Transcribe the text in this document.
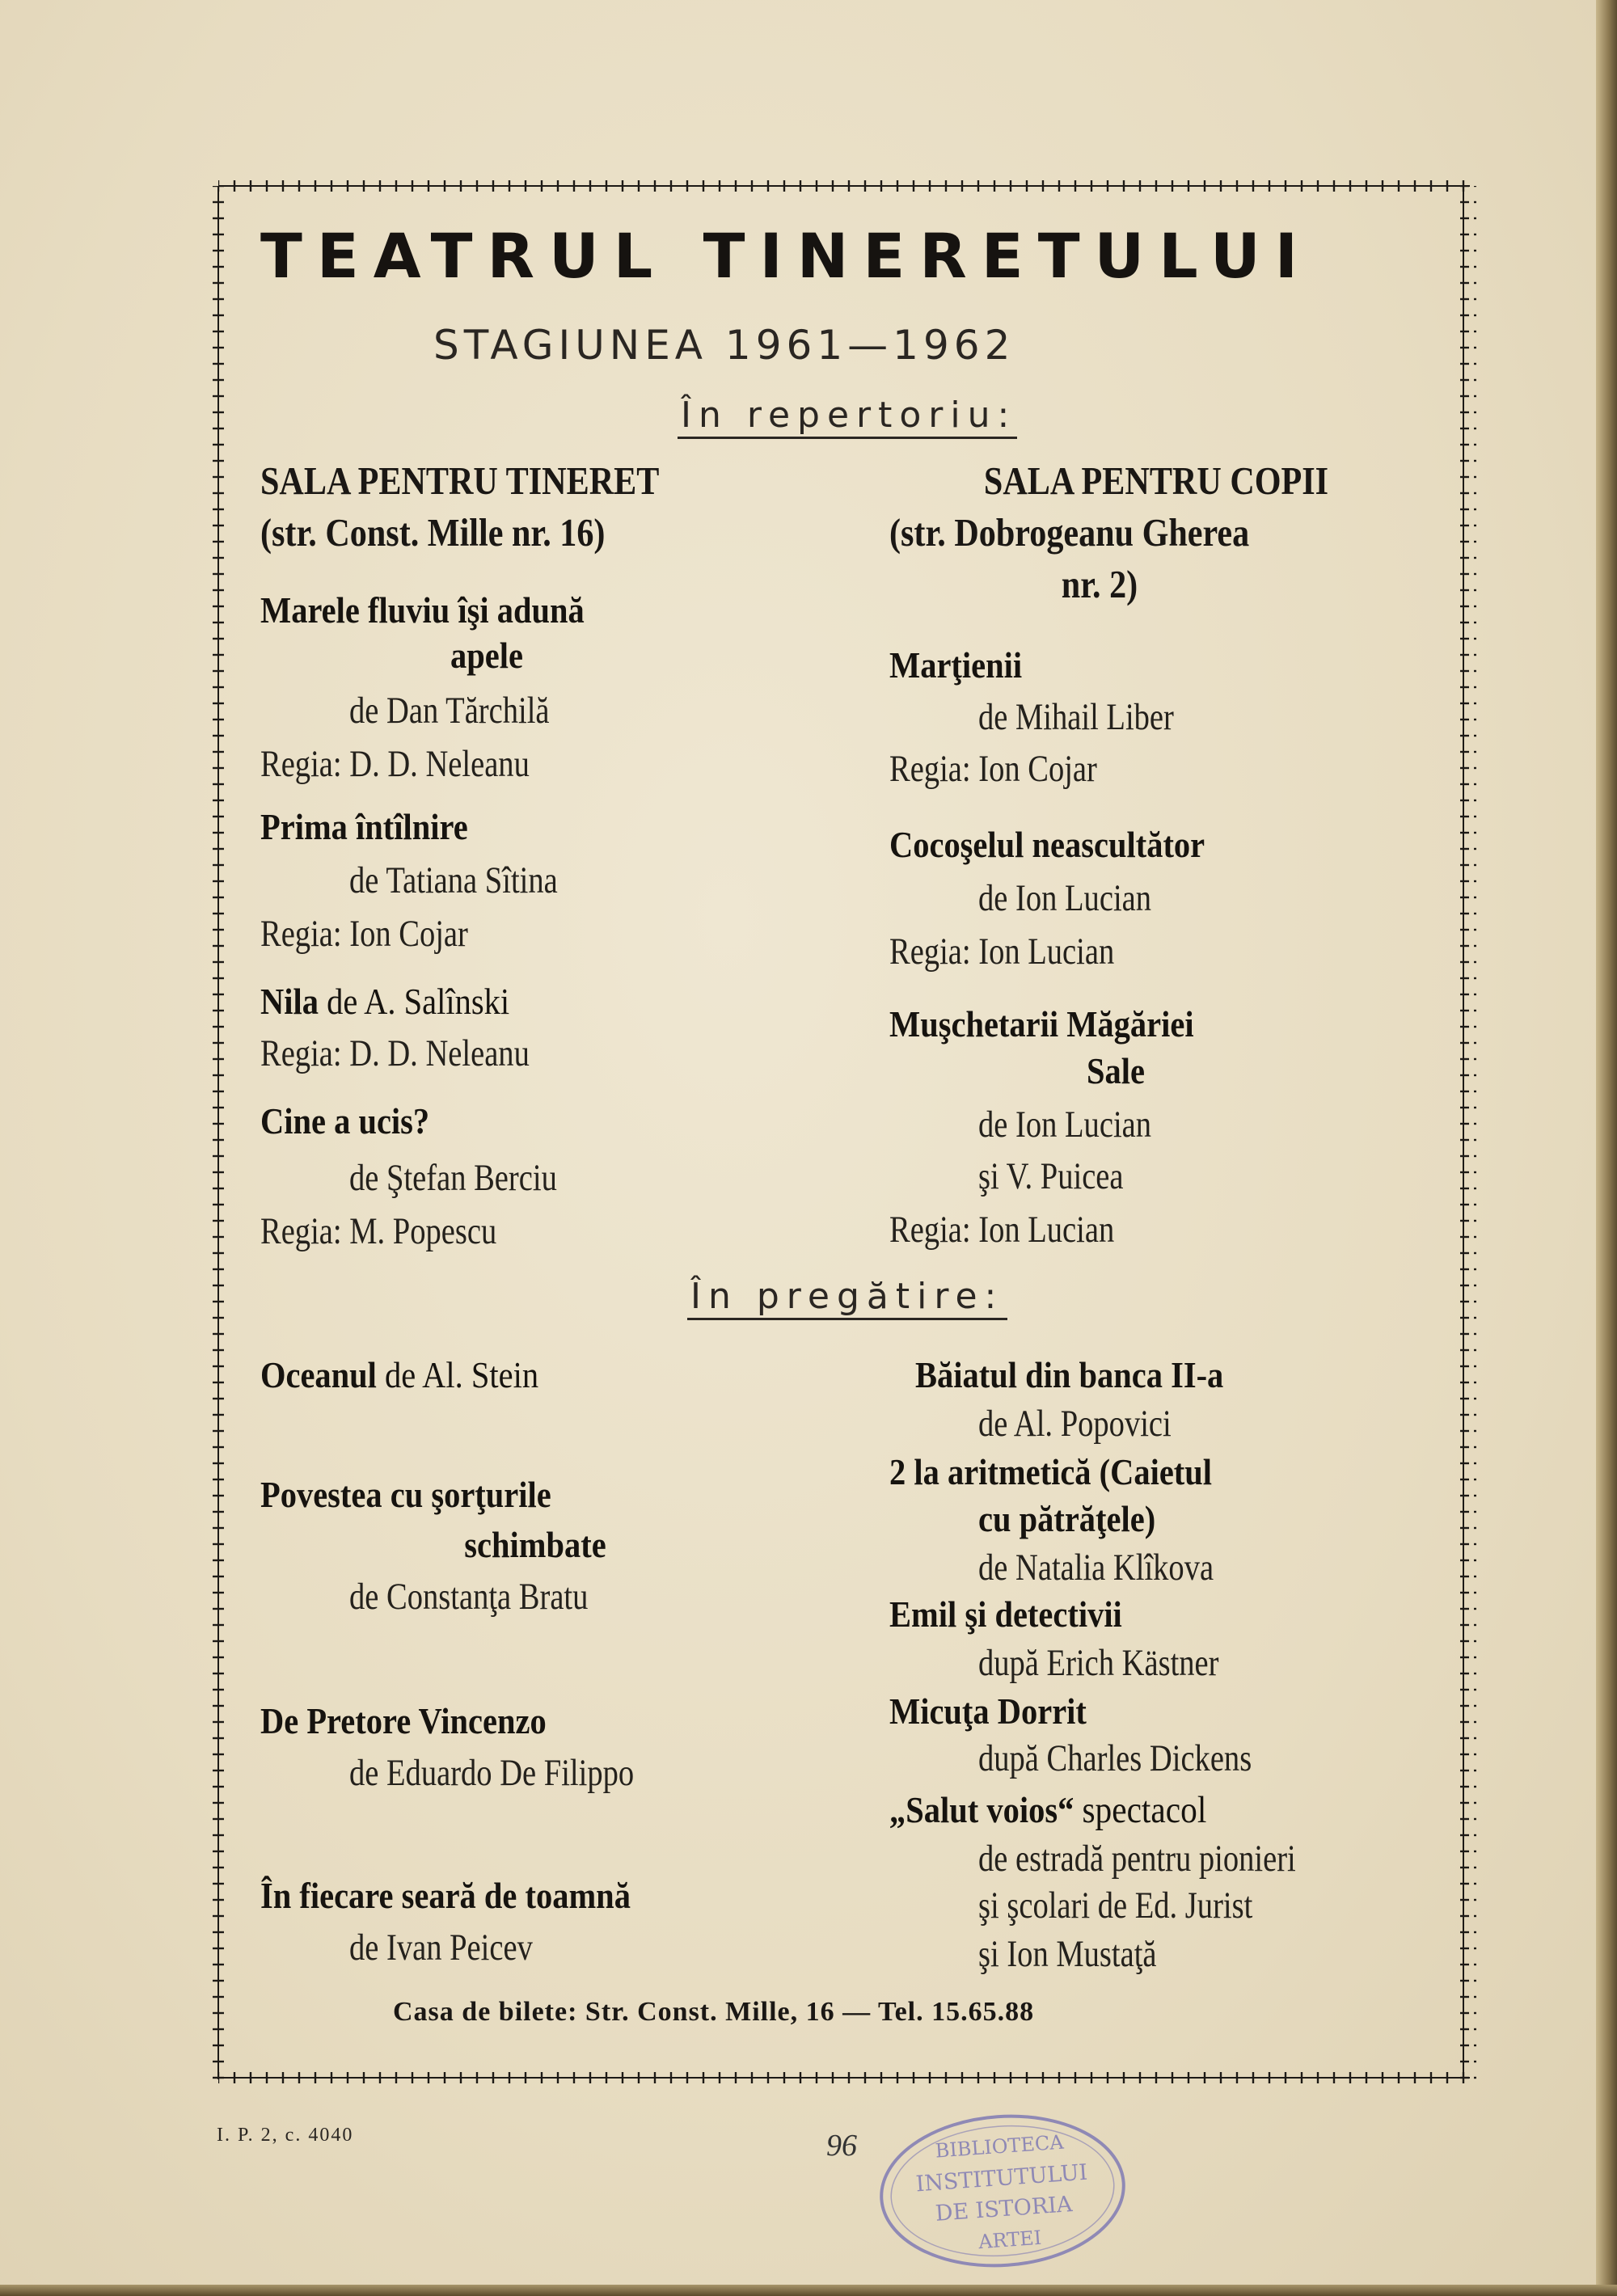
TEATRUL TINERETULUI
STAGIUNEA 1961—1962
În repertoriu:
SALA PENTRU TINERET
(str. Const. Mille nr. 16)
Marele fluviu îşi adună
apele
de Dan Tărchilă
Regia: D. D. Neleanu
Prima întîlnire
de Tatiana Sîtina
Regia: Ion Cojar
Nila de A. Salînski
Regia: D. D. Neleanu
Cine a ucis?
de Ştefan Berciu
Regia: M. Popescu
SALA PENTRU COPII
(str. Dobrogeanu Gherea
nr. 2)
Marţienii
de Mihail Liber
Regia: Ion Cojar
Cocoşelul neascultător
de Ion Lucian
Regia: Ion Lucian
Muşchetarii Măgăriei
Sale
de Ion Lucian
şi V. Puicea
Regia: Ion Lucian
În pregătire:
Oceanul de Al. Stein
Povestea cu şorţurile
schimbate
de Constanţa Bratu
De Pretore Vincenzo
de Eduardo De Filippo
În fiecare seară de toamnă
de Ivan Peicev
Băiatul din banca II-a
de Al. Popovici
2 la aritmetică (Caietul
cu pătrăţele)
de Natalia Klîkova
Emil şi detectivii
după Erich Kästner
Micuţa Dorrit
după Charles Dickens
„Salut voios“ spectacol
de estradă pentru pionieri
şi şcolari de Ed. Jurist
şi Ion Mustaţă
Casa de bilete: Str. Const. Mille, 16 — Tel. 15.65.88
I. P. 2, c. 4040	96	BIBLIOTECA
INSTITUTULUI
DE ISTORIA
ARTEI
